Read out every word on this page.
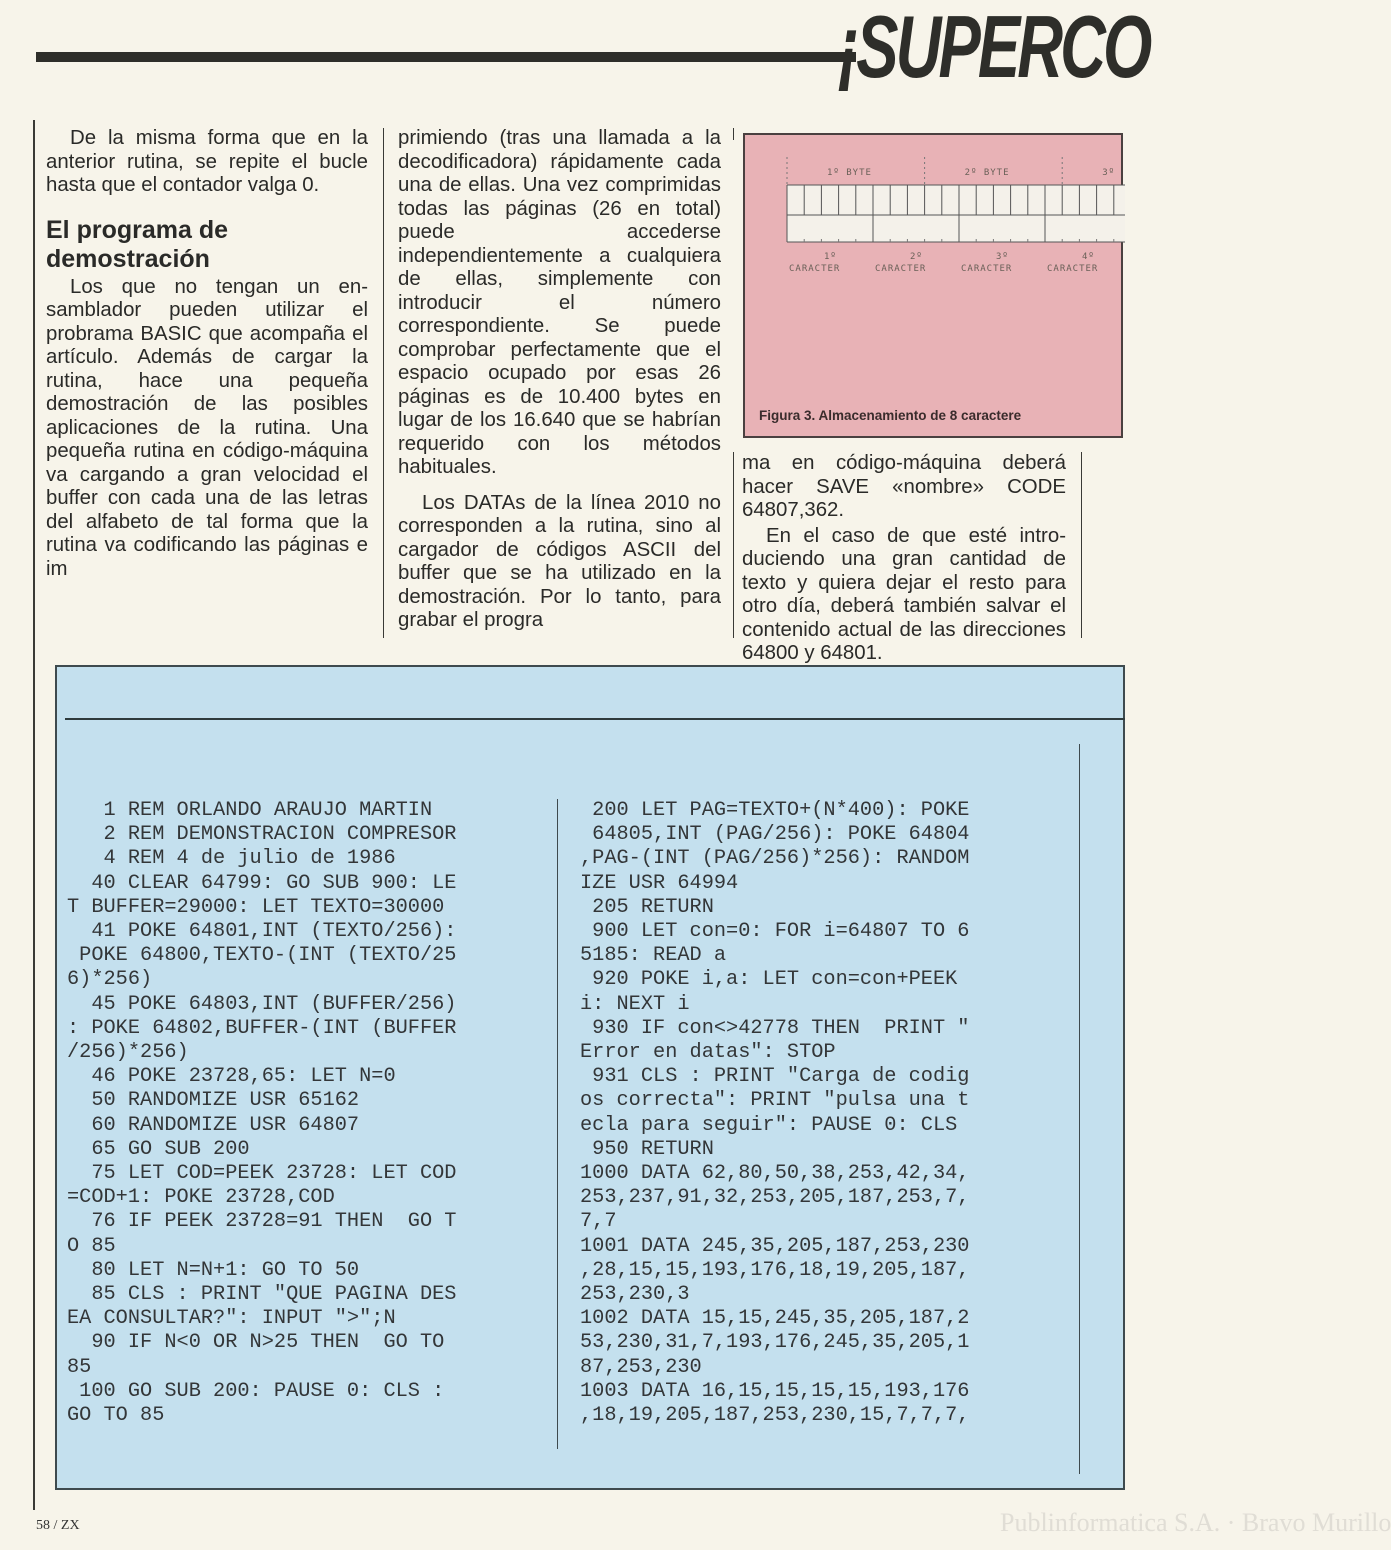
¡SUPERCO

De la misma forma que en la anterior rutina, se repite el bucle hasta que el contador valga 0.

El programa de demostración

Los que no tengan un ensamblador pueden utilizar el probrama BASIC que acompaña el artículo. Además de cargar la rutina, hace una pequeña demostración de las posibles aplicaciones de la rutina. Una pequeña rutina en código-máquina va cargando a gran velocidad el buffer con cada una de las letras del alfabeto de tal forma que la rutina va codificando las páginas e im

primiendo (tras una llamada a la decodificadora) rápidamente cada una de ellas. Una vez comprimidas todas las páginas (26 en total) puede accederse independientemente a cualquiera de ellas, simplemente con introducir el número correspondiente. Se puede comprobar perfectamente que el espacio ocupado por esas 26 páginas es de 10.400 bytes en lugar de los 16.640 que se habrían requerido con los métodos habituales.

Los DATAs de la línea 2010 no corresponden a la rutina, sino al cargador de códigos ASCII del buffer que se ha utilizado en la demostración. Por lo tanto, para grabar el progra

1º BYTE	2º BYTE	3º
1º
CARACTER
2º
CARACTER
3º
CARACTER
4º
CARACTER
Figura 3. Almacenamiento de 8 caractere

ma en código-máquina deberá hacer SAVE «nombre» CODE 64807,362.

En el caso de que esté introduciendo una gran cantidad de texto y quiera dejar el resto para otro día, deberá también salvar el contenido actual de las direcciones 64800 y 64801.

1 REM ORLANDO ARAUJO MARTIN
2 REM DEMONSTRACION COMPRESOR
4 REM 4 de julio de 1986
40 CLEAR 64799: GO SUB 900: LE
T BUFFER=29000: LET TEXTO=30000
41 POKE 64801,INT (TEXTO/256):
POKE 64800,TEXTO-(INT (TEXTO/25
6)*256)
45 POKE 64803,INT (BUFFER/256)
: POKE 64802,BUFFER-(INT (BUFFER
/256)*256)
46 POKE 23728,65: LET N=0
50 RANDOMIZE USR 65162
60 RANDOMIZE USR 64807
65 GO SUB 200
75 LET COD=PEEK 23728: LET COD
=COD+1: POKE 23728,COD
76 IF PEEK 23728=91 THEN  GO T
O 85
80 LET N=N+1: GO TO 50
85 CLS : PRINT "QUE PAGINA DES
EA CONSULTAR?": INPUT ">";N
90 IF N<0 OR N>25 THEN  GO TO
85
100 GO SUB 200: PAUSE 0: CLS :
GO TO 85
200 LET PAG=TEXTO+(N*400): POKE
64805,INT (PAG/256): POKE 64804
,PAG-(INT (PAG/256)*256): RANDOM
IZE USR 64994
205 RETURN
900 LET con=0: FOR i=64807 TO 6
5185: READ a
920 POKE i,a: LET con=con+PEEK
i: NEXT i
930 IF con<>42778 THEN  PRINT "
Error en datas": STOP
931 CLS : PRINT "Carga de codig
os correcta": PRINT "pulsa una t
ecla para seguir": PAUSE 0: CLS
950 RETURN
1000 DATA 62,80,50,38,253,42,34,
253,237,91,32,253,205,187,253,7,
7,7
1001 DATA 245,35,205,187,253,230
,28,15,15,193,176,18,19,205,187,
253,230,3
1002 DATA 15,15,245,35,205,187,2
53,230,31,7,193,176,245,35,205,1
87,253,230
1003 DATA 16,15,15,15,15,193,176
,18,19,205,187,253,230,15,7,7,7,
58 / ZX	Publinformatica S.A. · Bravo Murillo
